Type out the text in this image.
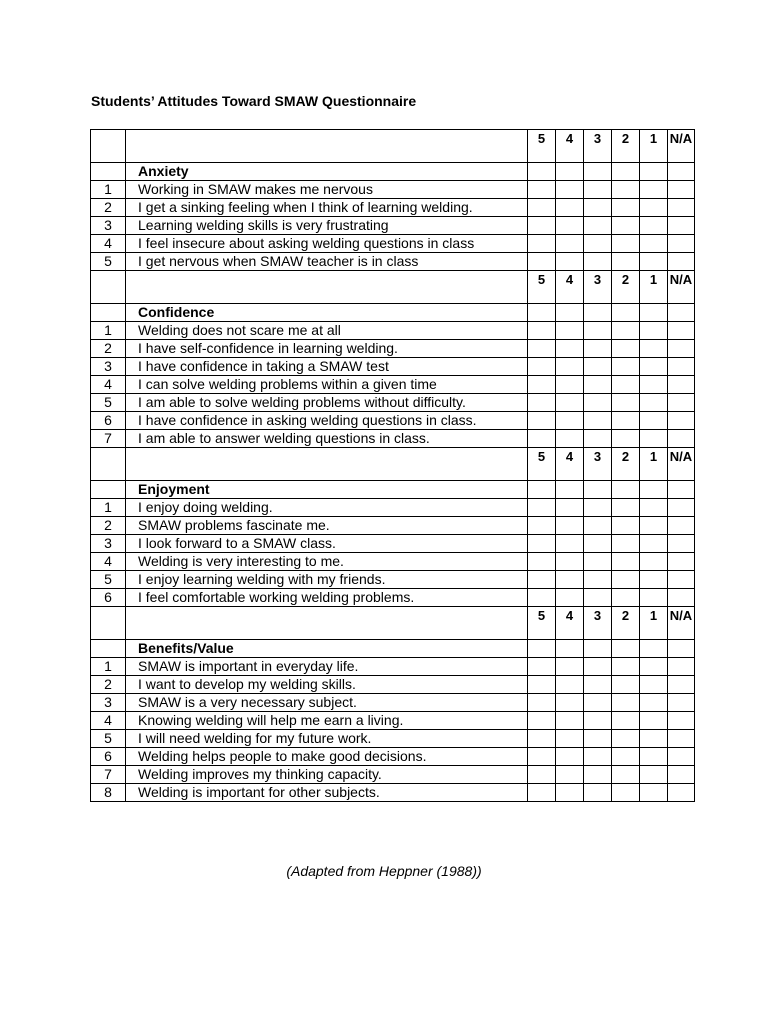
Students’ Attitudes Toward SMAW Questionnaire
		5	4	3	2	1	N/A
	Anxiety						
1	Working in SMAW makes me nervous						
2	I get a sinking feeling when I think of learning welding.						
3	Learning welding skills is very frustrating						
4	I feel insecure about asking welding questions in class						
5	I get nervous when SMAW teacher is in class						
		5	4	3	2	1	N/A
	Confidence						
1	Welding does not scare me at all						
2	I have self-confidence in learning welding.						
3	I have confidence in taking a SMAW test						
4	I can solve welding problems within a given time						
5	I am able to solve welding problems without difficulty.						
6	I have confidence in asking welding questions in class.						
7	I am able to answer welding questions in class.						
		5	4	3	2	1	N/A
	Enjoyment						
1	I enjoy doing welding.						
2	SMAW problems fascinate me.						
3	I look forward to a SMAW class.						
4	Welding is very interesting to me.						
5	I enjoy learning welding with my friends.						
6	I feel comfortable working welding problems.						
		5	4	3	2	1	N/A
	Benefits/Value						
1	SMAW is important in everyday life.						
2	I want to develop my welding skills.						
3	SMAW is a very necessary subject.						
4	Knowing welding will help me earn a living.						
5	I will need welding for my future work.						
6	Welding helps people to make good decisions.						
7	Welding improves my thinking capacity.						
8	Welding is important for other subjects.						
(Adapted from Heppner (1988))
